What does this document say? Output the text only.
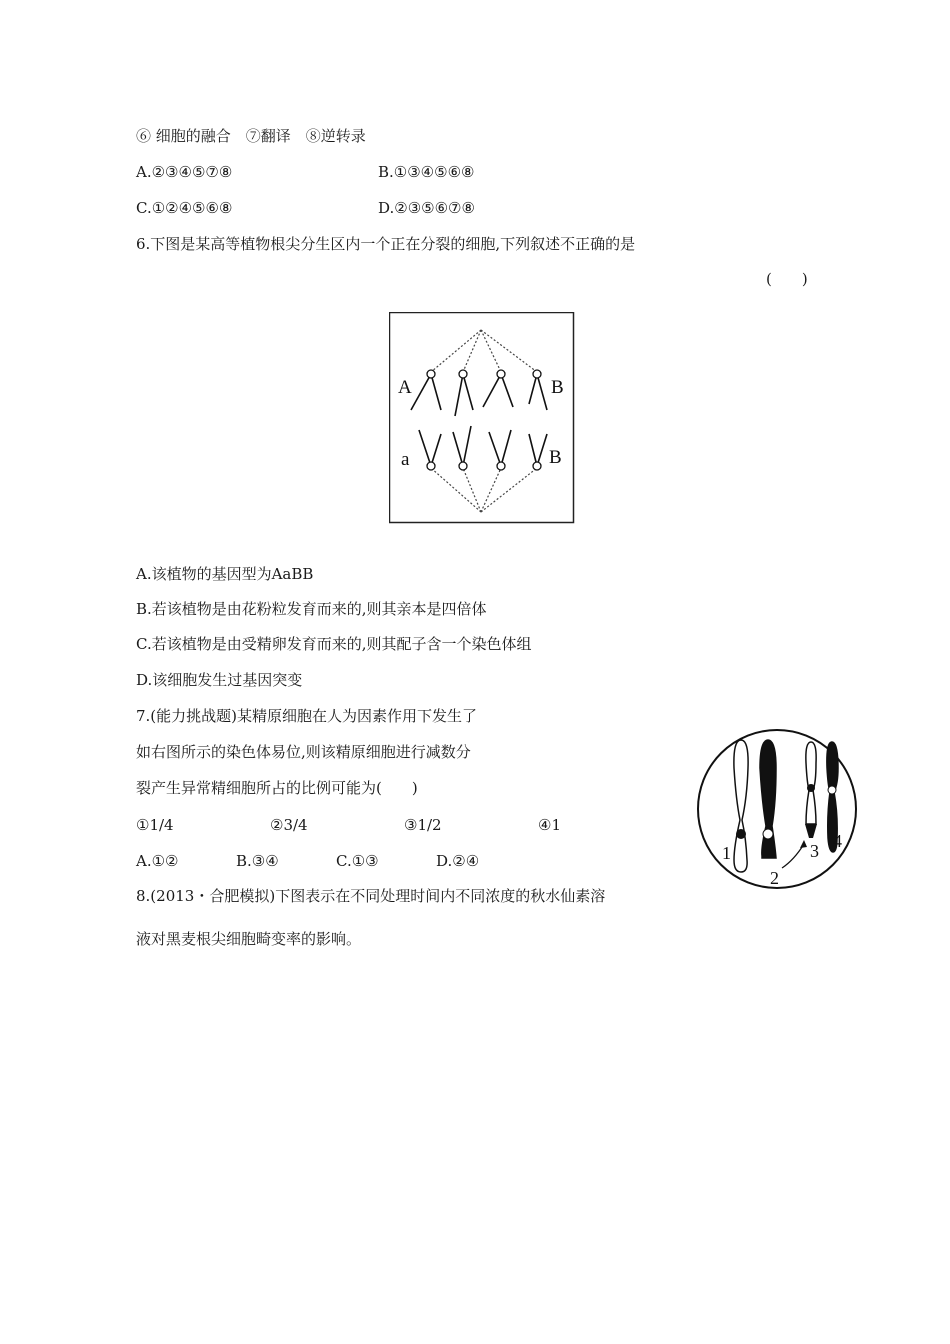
⑥ 细胞的融合　⑦翻译　⑧逆转录
A.②③④⑤⑦⑧	B.①③④⑤⑥⑧
C.①②④⑤⑥⑧	D.②③⑤⑥⑦⑧
6.下图是某高等植物根尖分生区内一个正在分裂的细胞,下列叙述不正确的是
(　　)
A	B
a	B
A.该植物的基因型为AaBB
B.若该植物是由花粉粒发育而来的,则其亲本是四倍体
C.若该植物是由受精卵发育而来的,则其配子含一个染色体组
D.该细胞发生过基因突变
7.(能力挑战题)某精原细胞在人为因素作用下发生了
如右图所示的染色体易位,则该精原细胞进行减数分
裂产生异常精细胞所占的比例可能为(　　)
①1/4	②3/4	③1/2	④1
A.①②	B.③④	C.①③	D.②④	1
2
3 4
8.(2013・合肥模拟)下图表示在不同处理时间内不同浓度的秋水仙素溶
液对黑麦根尖细胞畸变率的影响。
